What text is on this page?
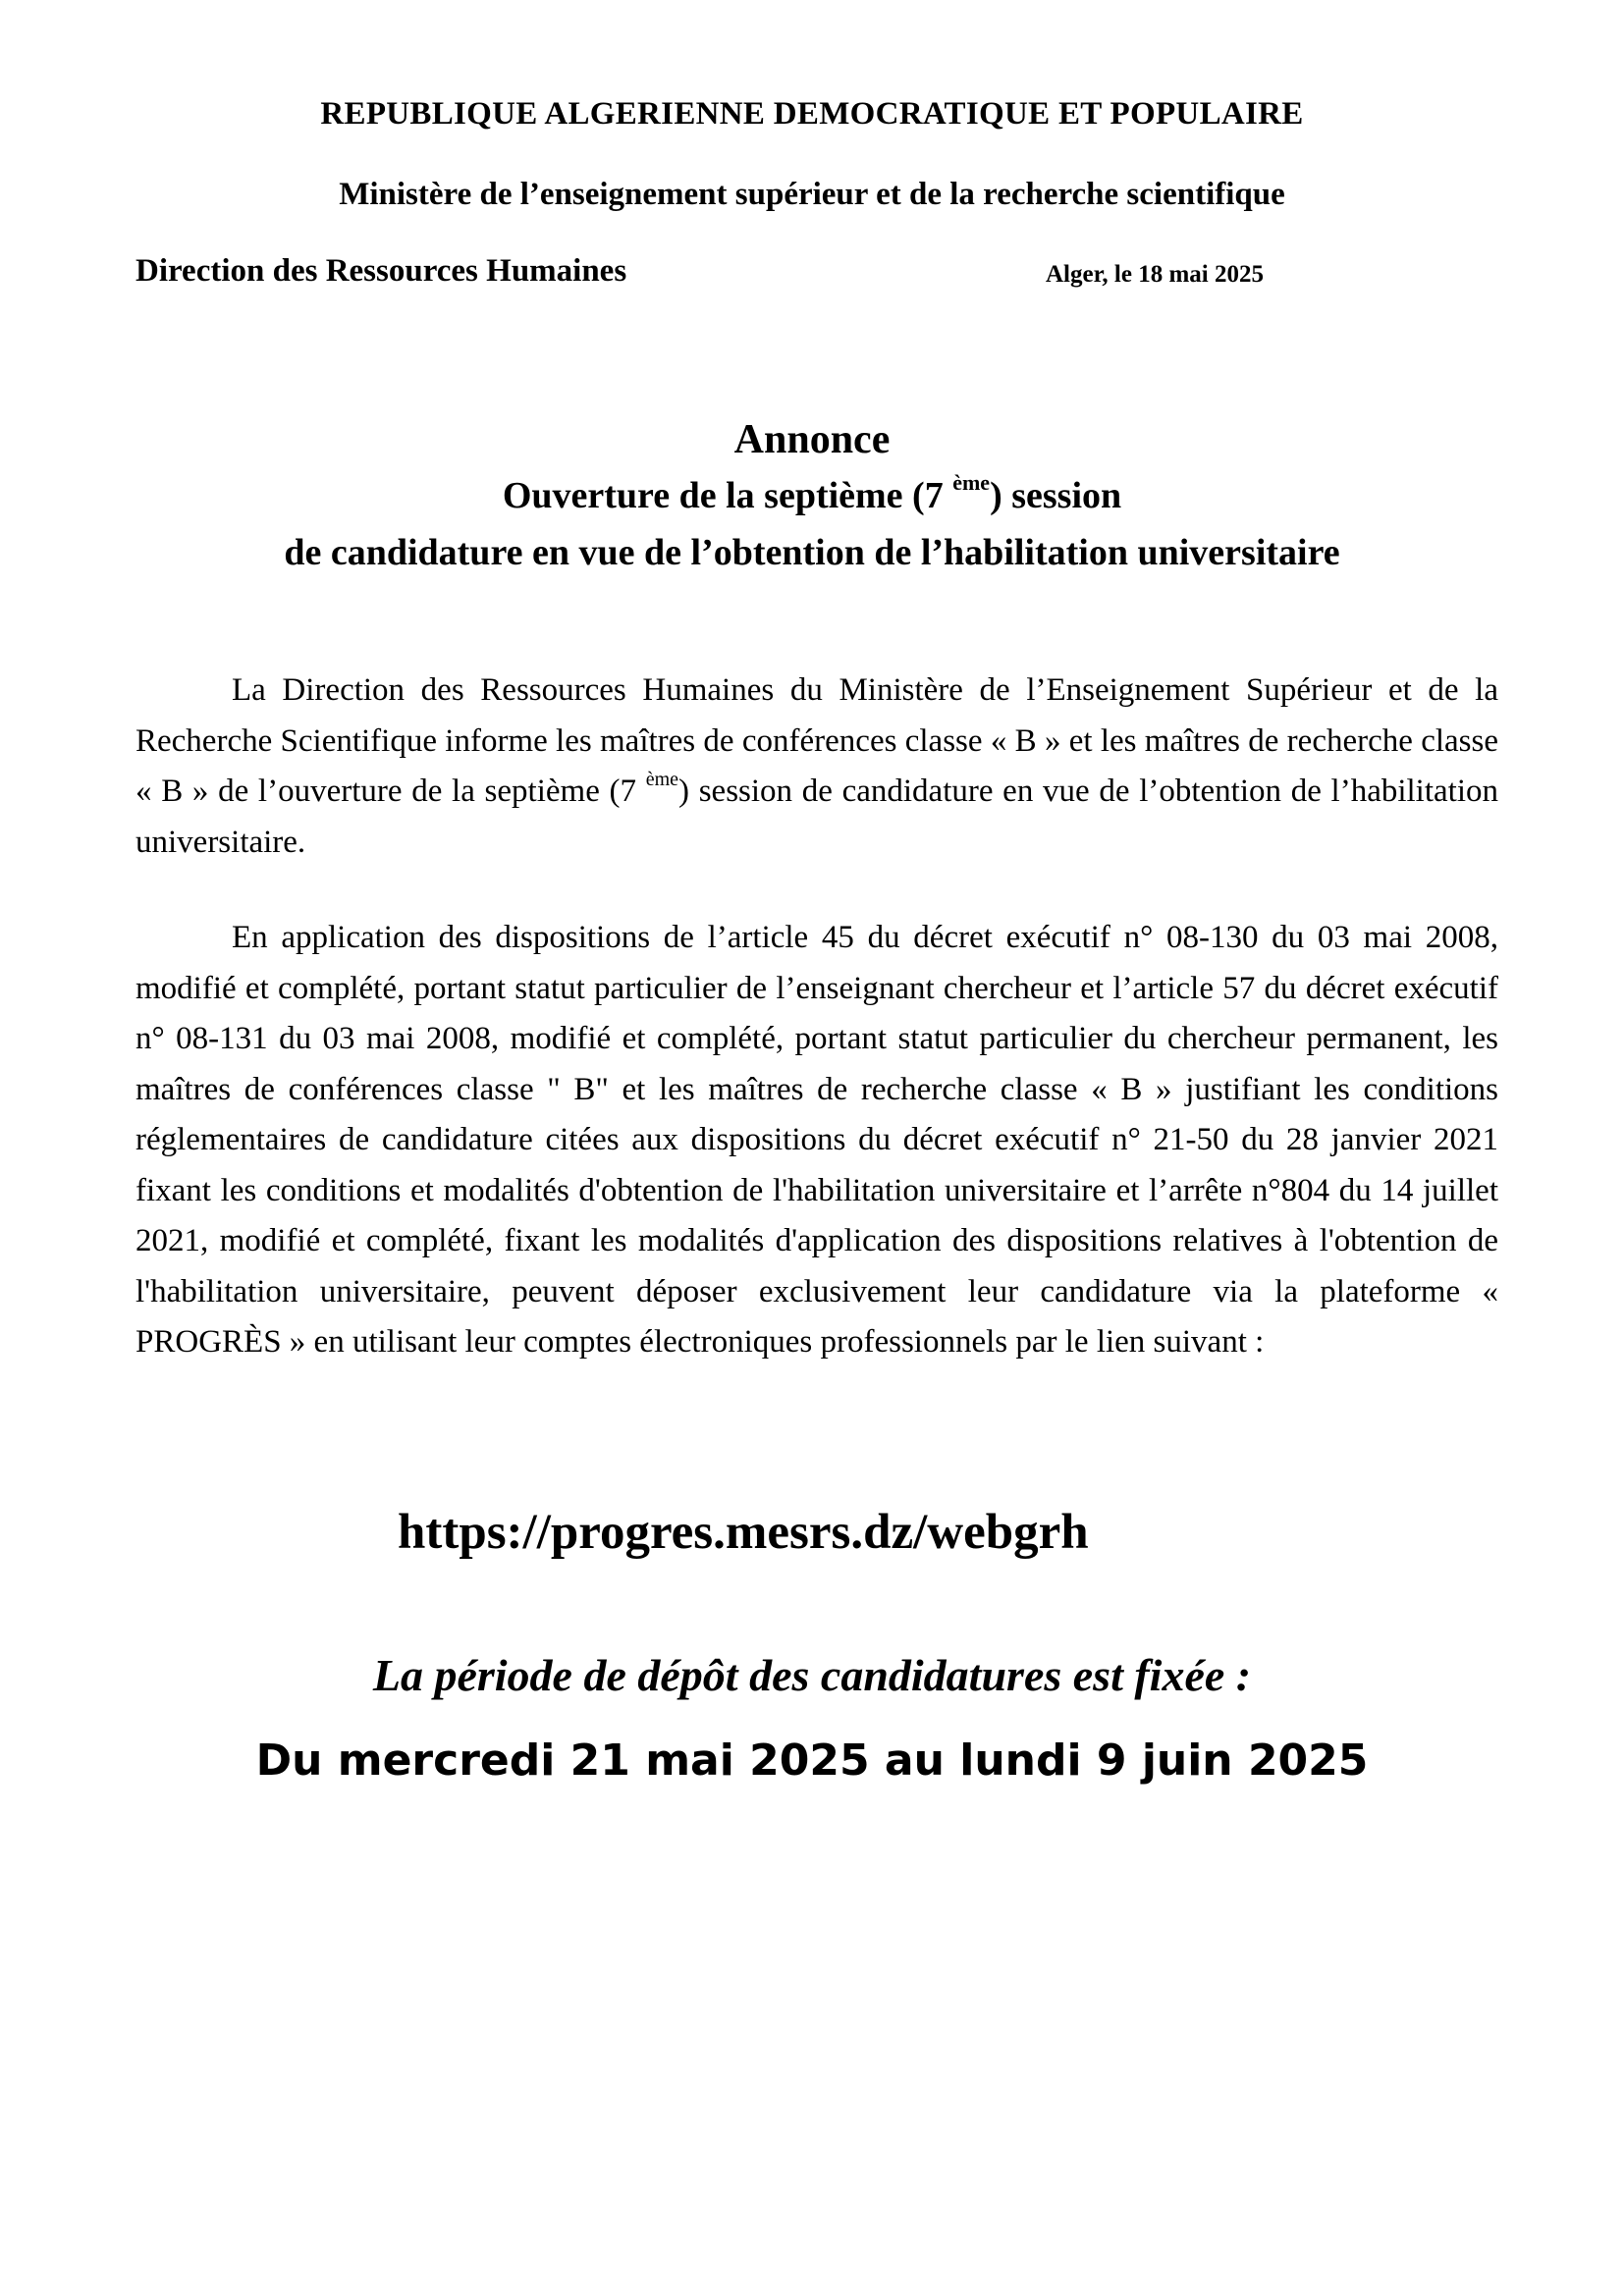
REPUBLIQUE ALGERIENNE DEMOCRATIQUE ET POPULAIRE
Ministère de l’enseignement supérieur et de la recherche scientifique
Direction des Ressources Humaines	Alger, le 18 mai 2025
Annonce
Ouverture de la septième (7 $^{ème}$) session
de candidature en vue de l’obtention de l’habilitation universitaire
La Direction des Ressources Humaines du Ministère de l’Enseignement Supérieur et de la Recherche Scientifique informe les maîtres de conférences classe « B » et les maîtres de recherche classe « B » de l’ouverture de la septième (7 $^{ème}$) session de candidature en vue de l’obtention de l’habilitation universitaire.
En application des dispositions de l’article 45 du décret exécutif n° 08-130 du 03 mai 2008, modifié et complété, portant statut particulier de l’enseignant chercheur et l’article 57 du décret exécutif n° 08-131 du 03 mai 2008, modifié et complété, portant statut particulier du chercheur permanent, les maîtres de conférences classe " B" et les maîtres de recherche classe « B » justifiant les conditions réglementaires de candidature citées aux dispositions du décret exécutif n° 21-50 du 28 janvier 2021 fixant les conditions et modalités d'obtention de l'habilitation universitaire et l’arrête n°804 du 14 juillet 2021, modifié et complété, fixant les modalités d'application des dispositions relatives à l'obtention de l'habilitation universitaire, peuvent déposer exclusivement leur candidature via la plateforme « PROGRÈS » en utilisant leur comptes électroniques professionnels par le lien suivant :
https://progres.mesrs.dz/webgrh
La période de dépôt des candidatures est fixée :
Du mercredi 21 mai 2025 au lundi 9 juin 2025
